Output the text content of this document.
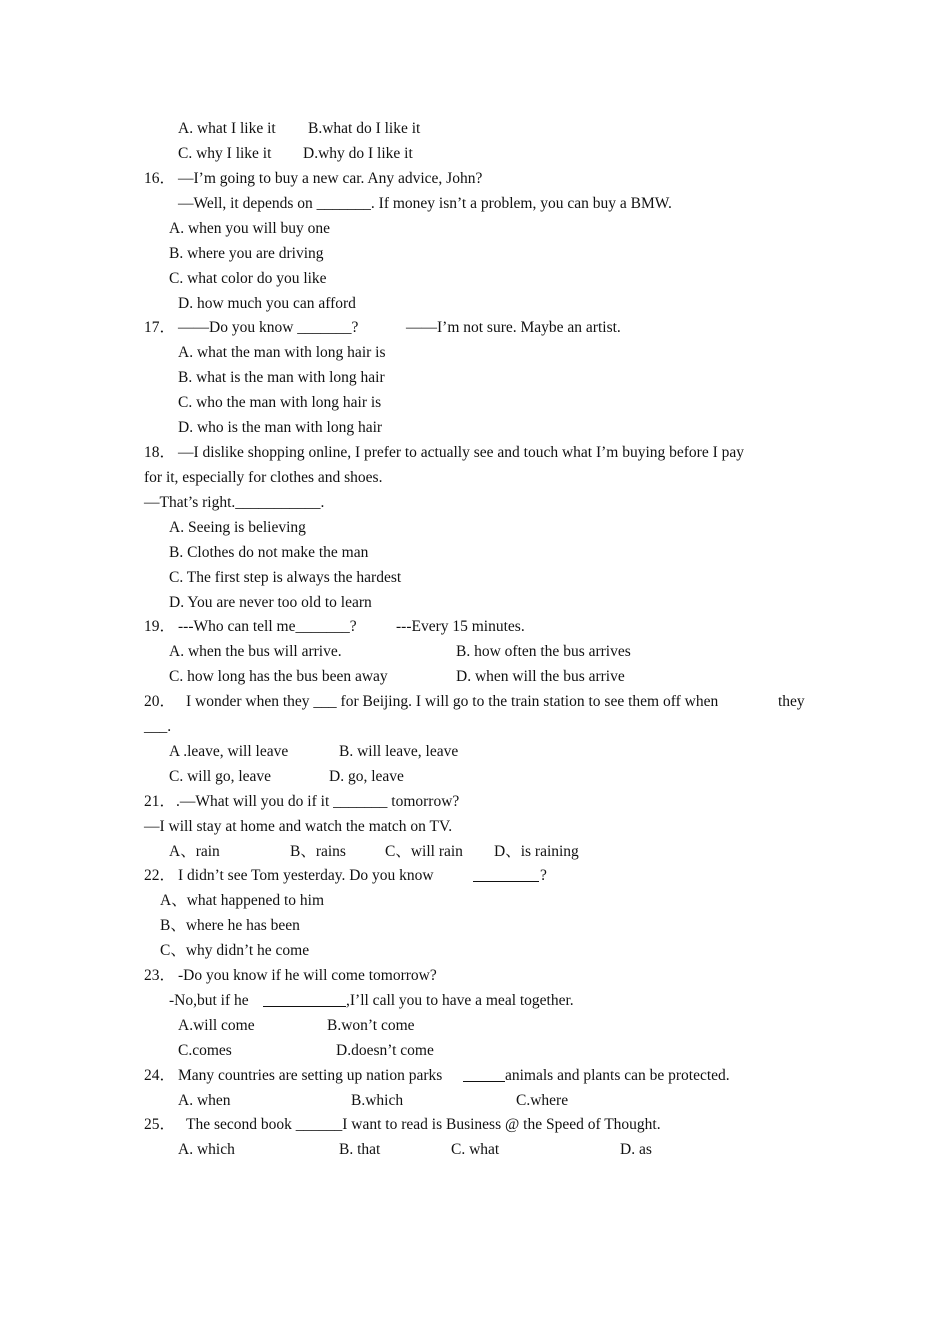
A. what I like it B.what do I like it
C. why I like it D.why do I like it
16． —I’m going to buy a new car. Any advice, John?
—Well, it depends on _______. If money isn’t a problem, you can buy a BMW.
A. when you will buy one
B. where you are driving
C. what color do you like
D. how much you can afford
17． ——Do you know _______?	——I’m not sure. Maybe an artist.
A. what the man with long hair is
B. what is the man with long hair
C. who the man with long hair is
D. who is the man with long hair
18． —I dislike shopping online, I prefer to actually see and touch what I’m buying before I pay
for it, especially for clothes and shoes.
—That’s right.___________.
A. Seeing is believing
B. Clothes do not make the man
C. The first step is always the hardest
D. You are never too old to learn
19． ---Who can tell me_______?	---Every 15 minutes.
A. when the bus will arrive.	B. how often the bus arrives
C. how long has the bus been away	D. when will the bus arrive
20． I wonder when they ___ for Beijing. I will go to the train station to see them off when	they
___.
A .leave, will leave	B. will leave, leave
C. will go, leave	D. go, leave
21． .—What will you do if it _______ tomorrow?
—I will stay at home and watch the match on TV.
A、rain	B、rains	C、will rain D、is raining
22． I didn’t see Tom yesterday. Do you know	?
A、what happened to him
B、where he has been
C、why didn’t he come
23． -Do you know if he will come tomorrow?
-No,but if he	,I’ll call you to have a meal together.
A.will come	B.won’t come
C.comes	D.doesn’t come
24． Many countries are setting up nation parks	animals and plants can be protected.
A. when	B.which	C.where
25． The second book ______I want to read is Business @ the Speed of Thought.
A. which	B. that	C. what	D. as
